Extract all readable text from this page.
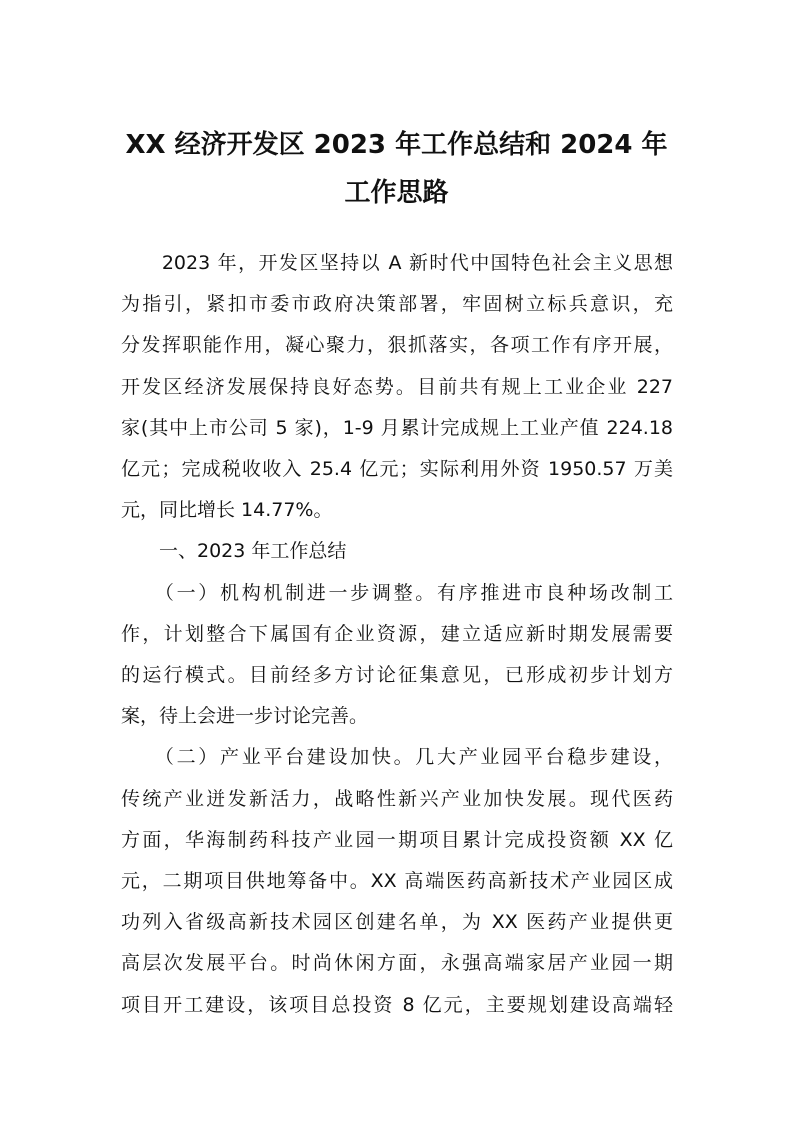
XX 经济开发区 2023 年工作总结和 2024 年
工作思路
　　2023 年，开发区坚持以 A 新时代中国特色社会主义思想
为指引，紧扣市委市政府决策部署，牢固树立标兵意识，充
分发挥职能作用，凝心聚力，狠抓落实，各项工作有序开展，
开发区经济发展保持良好态势。目前共有规上工业企业 227
家(其中上市公司 5 家)，1-9 月累计完成规上工业产值 224.18
亿元；完成税收收入 25.4 亿元；实际利用外资 1950.57 万美
元，同比增长 14.77%。
　　一、2023 年工作总结
　　（一）机构机制进一步调整。有序推进市良种场改制工
作，计划整合下属国有企业资源，建立适应新时期发展需要
的运行模式。目前经多方讨论征集意见，已形成初步计划方
案，待上会进一步讨论完善。
　　（二）产业平台建设加快。几大产业园平台稳步建设，
传统产业迸发新活力，战略性新兴产业加快发展。现代医药
方面，华海制药科技产业园一期项目累计完成投资额 XX 亿
元，二期项目供地筹备中。XX 高端医药高新技术产业园区成
功列入省级高新技术园区创建名单，为 XX 医药产业提供更
高层次发展平台。时尚休闲方面，永强高端家居产业园一期
项目开工建设，该项目总投资 8 亿元，主要规划建设高端轻
